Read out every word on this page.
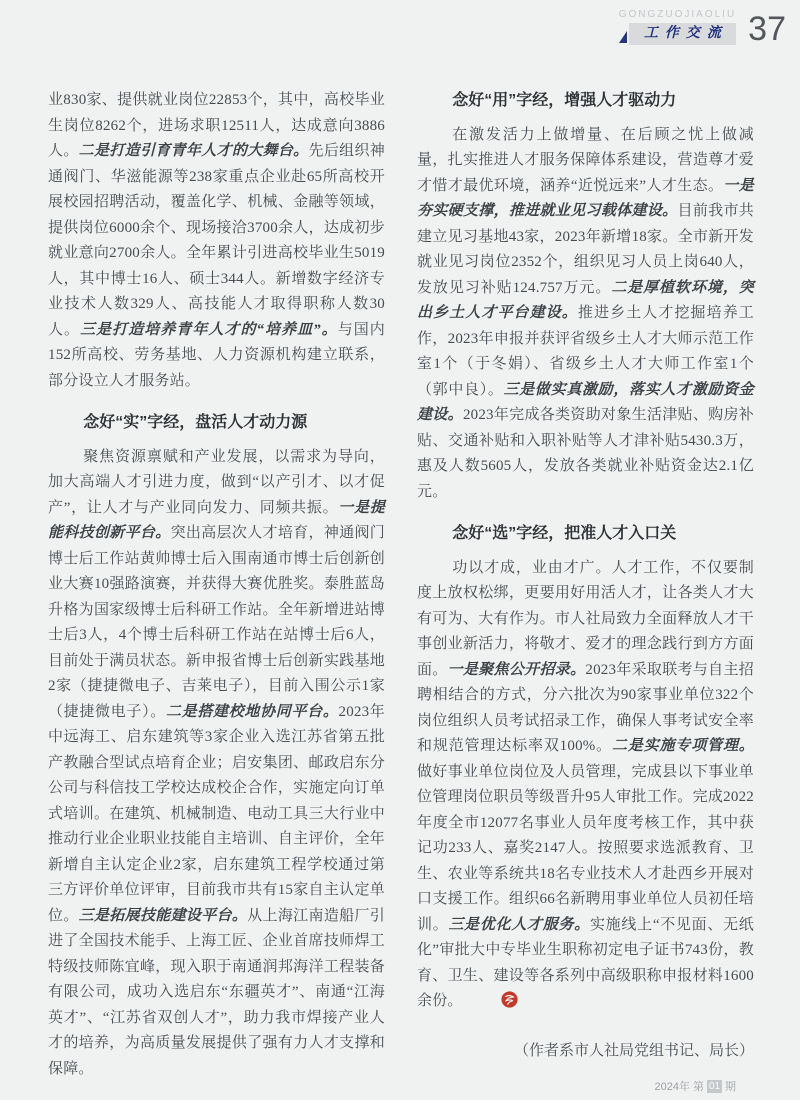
GONGZUOJIAOLIU
工作交流 37

业830家、提供就业岗位22853个，其中，高校毕业生岗位8262个，进场求职12511人，达成意向3886人。二是打造引育青年人才的大舞台。先后组织神通阀门、华滋能源等238家重点企业赴65所高校开展校园招聘活动，覆盖化学、机械、金融等领域，提供岗位6000余个、现场接洽3700余人，达成初步就业意向2700余人。全年累计引进高校毕业生5019人，其中博士16人、硕士344人。新增数字经济专业技术人数329人、高技能人才取得职称人数30人。三是打造培养青年人才的“培养皿”。与国内152所高校、劳务基地、人力资源机构建立联系，部分设立人才服务站。

念好“实”字经，盘活人才动力源

聚焦资源禀赋和产业发展，以需求为导向，加大高端人才引进力度，做到“以产引才、以才促产”，让人才与产业同向发力、同频共振。一是提能科技创新平台。突出高层次人才培育，神通阀门博士后工作站黄帅博士后入围南通市博士后创新创业大赛10强路演赛，并获得大赛优胜奖。泰胜蓝岛升格为国家级博士后科研工作站。全年新增进站博士后3人，4个博士后科研工作站在站博士后6人，目前处于满员状态。新申报省博士后创新实践基地2家（捷捷微电子、吉莱电子），目前入围公示1家（捷捷微电子）。二是搭建校地协同平台。2023年中远海工、启东建筑等3家企业入选江苏省第五批产教融合型试点培育企业；启安集团、邮政启东分公司与科信技工学校达成校企合作，实施定向订单式培训。在建筑、机械制造、电动工具三大行业中推动行业企业职业技能自主培训、自主评价，全年新增自主认定企业2家，启东建筑工程学校通过第三方评价单位评审，目前我市共有15家自主认定单位。三是拓展技能建设平台。从上海江南造船厂引进了全国技术能手、上海工匠、企业首席技师焊工特级技师陈宜峰，现入职于南通润邦海洋工程装备有限公司，成功入选启东“东疆英才”、南通“江海英才”、“江苏省双创人才”，助力我市焊接产业人才的培养，为高质量发展提供了强有力人才支撑和保障。

念好“用”字经，增强人才驱动力

在激发活力上做增量、在后顾之忧上做减量，扎实推进人才服务保障体系建设，营造尊才爱才惜才最优环境，涵养“近悦远来”人才生态。一是夯实硬支撑，推进就业见习载体建设。目前我市共建立见习基地43家，2023年新增18家。全市新开发就业见习岗位2352个，组织见习人员上岗640人，发放见习补贴124.757万元。二是厚植软环境，突出乡土人才平台建设。推进乡土人才挖掘培养工作，2023年申报并获评省级乡土人才大师示范工作室1个（于冬娟）、省级乡土人才大师工作室1个（郭中良）。三是做实真激励，落实人才激励资金建设。2023年完成各类资助对象生活津贴、购房补贴、交通补贴和入职补贴等人才津补贴5430.3万，惠及人数5605人，发放各类就业补贴资金达2.1亿元。

念好“选”字经，把准人才入口关

功以才成，业由才广。人才工作，不仅要制度上放权松绑，更要用好用活人才，让各类人才大有可为、大有作为。市人社局致力全面释放人才干事创业新活力，将敬才、爱才的理念践行到方方面面。一是聚焦公开招录。2023年采取联考与自主招聘相结合的方式，分六批次为90家事业单位322个岗位组织人员考试招录工作，确保人事考试安全率和规范管理达标率双100%。二是实施专项管理。做好事业单位岗位及人员管理，完成县以下事业单位管理岗位职员等级晋升95人审批工作。完成2022年度全市12077名事业人员年度考核工作，其中获记功233人、嘉奖2147人。按照要求选派教育、卫生、农业等系统共18名专业技术人才赴西乡开展对口支援工作。组织66名新聘用事业单位人员初任培训。三是优化人才服务。实施线上“不见面、无纸化”审批大中专毕业生职称初定电子证书743份，教育、卫生、建设等各系列中高级职称申报材料1600余份。

（作者系市人社局党组书记、局长）

2024年 第 01 期
